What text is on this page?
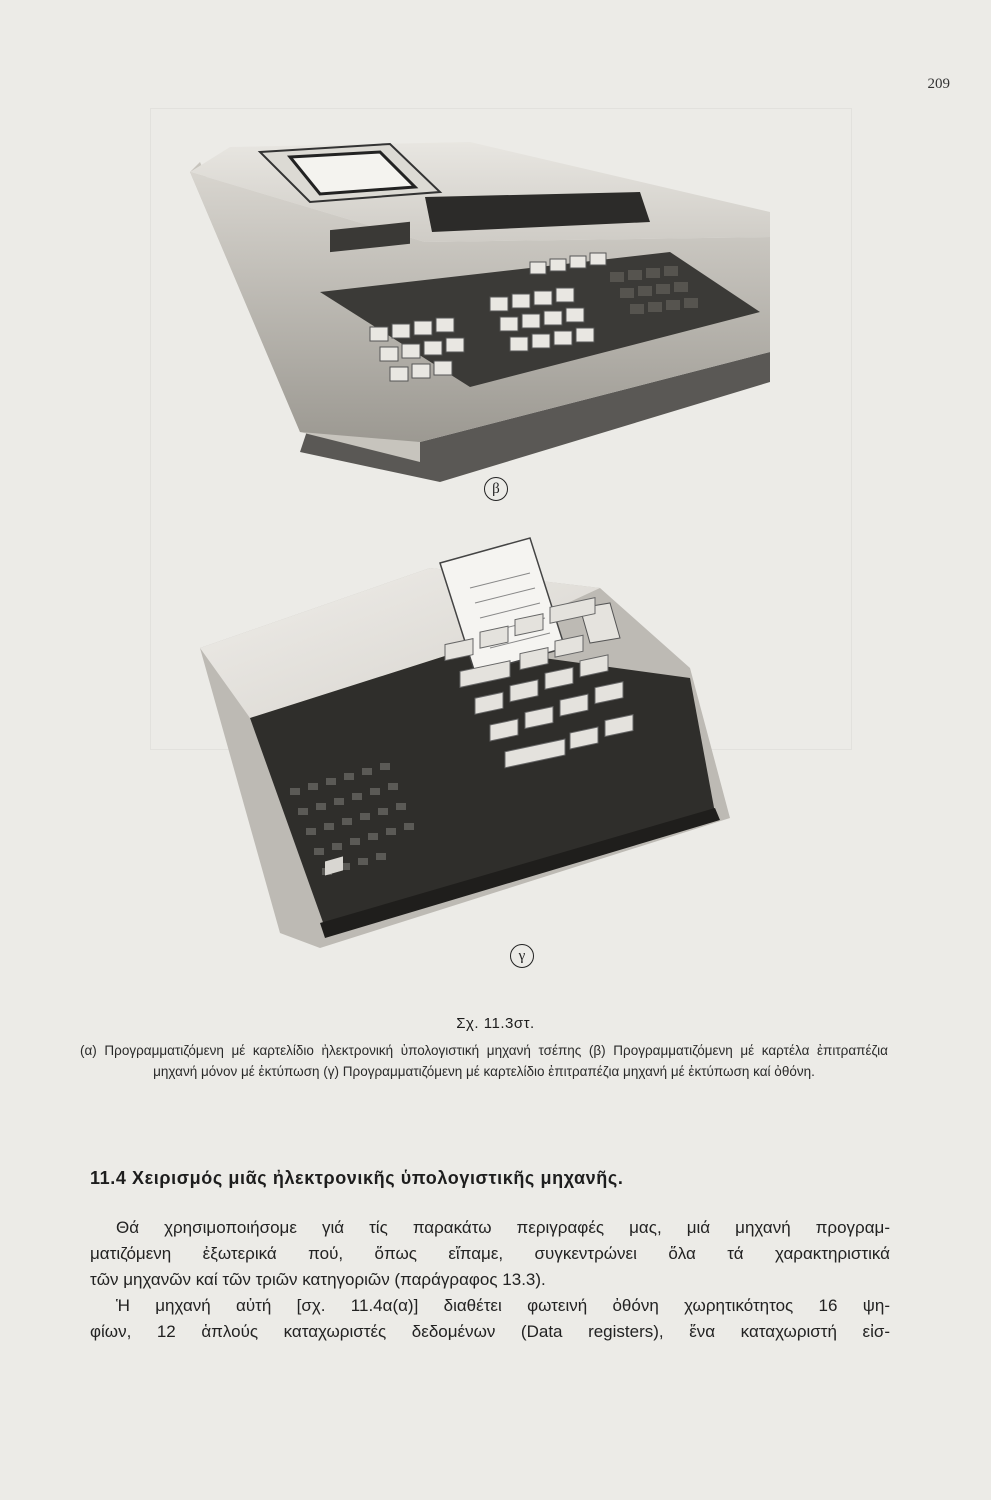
209
β
γ
Σχ. 11.3στ.
(α) Προγραμματιζόμενη μέ καρτελίδιο ἠλεκτρονική ὑπολογιστική μηχανή τσέπης (β) Προγραμματιζόμενη μέ καρτέλα ἐπιτραπέζια μηχανή μόνον μέ ἐκτύπωση (γ) Προγραμματιζόμενη μέ καρτελίδιο ἐπιτραπέζια μηχανή μέ ἐκτύπωση καί ὀθόνη.
11.4 Χειρισμός μιᾶς ἠλεκτρονικῆς ὑπολογιστικῆς μηχανῆς.

Θά χρησιμοποιήσομε γιά τίς παρακάτω περιγραφές μας, μιά μηχανή προγραμ-

ματιζόμενη ἐξωτερικά πού, ὅπως εἴπαμε, συγκεντρώνει ὅλα τά χαρακτηριστικά

τῶν μηχανῶν καί τῶν τριῶν κατηγοριῶν (παράγραφος 13.3).

Ἡ μηχανή αὐτή [σχ. 11.4α(α)] διαθέτει φωτεινή ὀθόνη χωρητικότητος 16 ψη-

φίων, 12 ἁπλούς καταχωριστές δεδομένων (Data registers), ἕνα καταχωριστή εἰσ-
